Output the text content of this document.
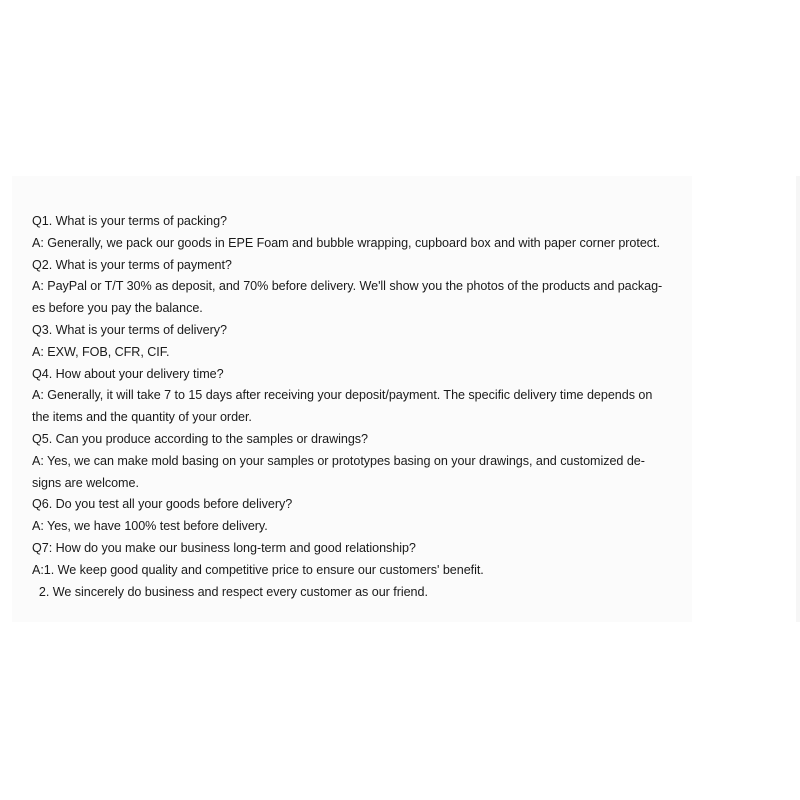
Q1. What is your terms of packing?
A: Generally, we pack our goods in EPE Foam and bubble wrapping, cupboard box and with paper corner protect.
Q2. What is your terms of payment?
A: PayPal or T/T 30% as deposit, and 70% before delivery. We'll show you the photos of the products and packag-
es before you pay the balance.
Q3. What is your terms of delivery?
A: EXW, FOB, CFR, CIF.
Q4. How about your delivery time?
A: Generally, it will take 7 to 15 days after receiving your deposit/payment. The specific delivery time depends on
the items and the quantity of your order.
Q5. Can you produce according to the samples or drawings?
A: Yes, we can make mold basing on your samples or prototypes basing on your drawings, and customized de-
signs are welcome.
Q6. Do you test all your goods before delivery?
A: Yes, we have 100% test before delivery.
Q7: How do you make our business long-term and good relationship?
A:1. We keep good quality and competitive price to ensure our customers' benefit.
2. We sincerely do business and respect every customer as our friend.
